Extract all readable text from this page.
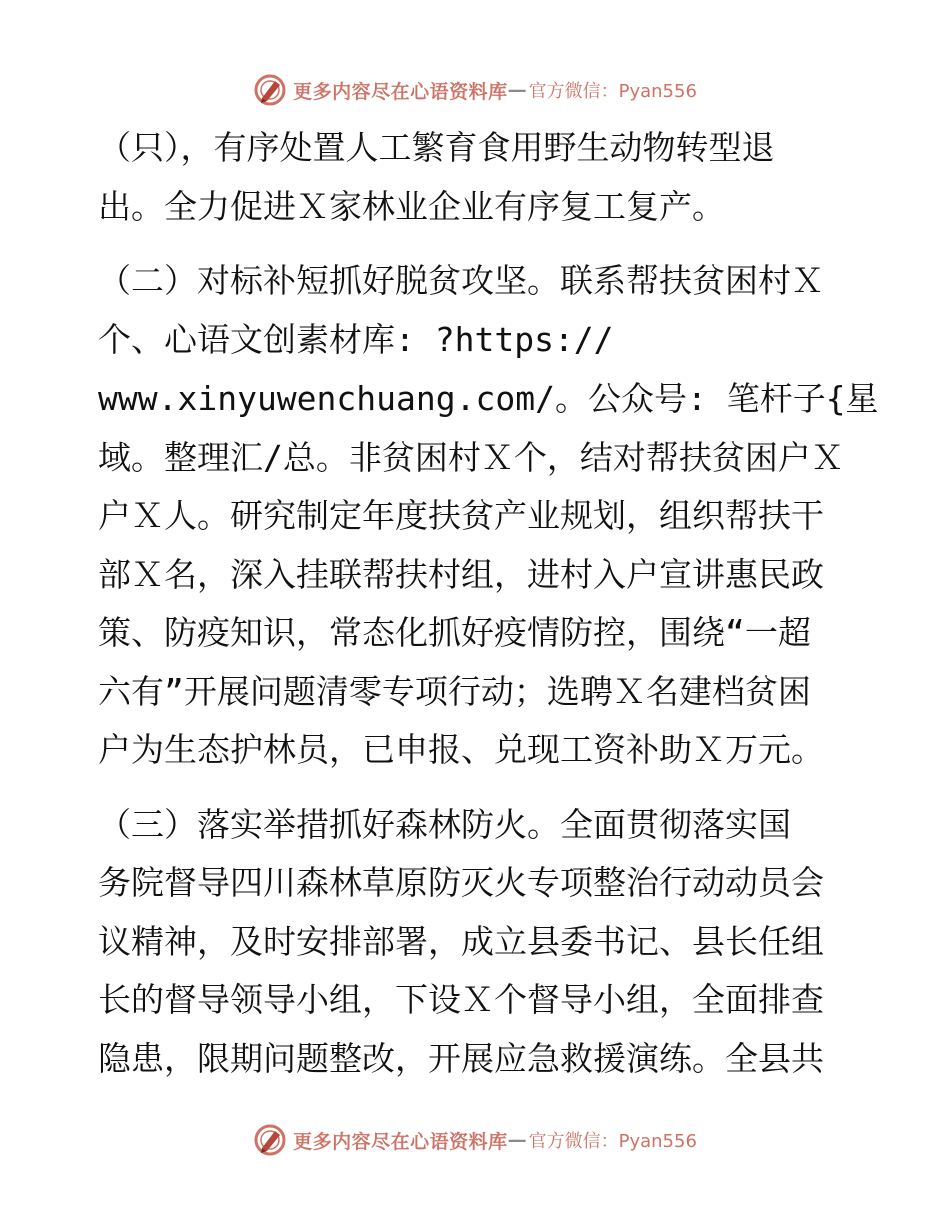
更多内容尽在心语资料库 — 官方微信：Pyan556
（只），有序处置人工繁育食用野生动物转型退
出。全力促进Ｘ家林业企业有序复工复产。
（二）对标补短抓好脱贫攻坚。联系帮扶贫困村Ｘ
个、心语文创素材库: ?https://
www.xinyuwenchuang.com/。公众号: 笔杆子{星
域。整理汇/总。非贫困村Ｘ个，结对帮扶贫困户Ｘ
户Ｘ人。研究制定年度扶贫产业规划，组织帮扶干
部Ｘ名，深入挂联帮扶村组，进村入户宣讲惠民政
策、防疫知识，常态化抓好疫情防控，围绕“一超
六有”开展问题清零专项行动；选聘Ｘ名建档贫困
户为生态护林员，已申报、兑现工资补助Ｘ万元。
（三）落实举措抓好森林防火。全面贯彻落实国
务院督导四川森林草原防灭火专项整治行动动员会
议精神，及时安排部署，成立县委书记、县长任组
长的督导领导小组，下设Ｘ个督导小组，全面排查
隐患，限期问题整改，开展应急救援演练。全县共
更多内容尽在心语资料库 — 官方微信：Pyan556
